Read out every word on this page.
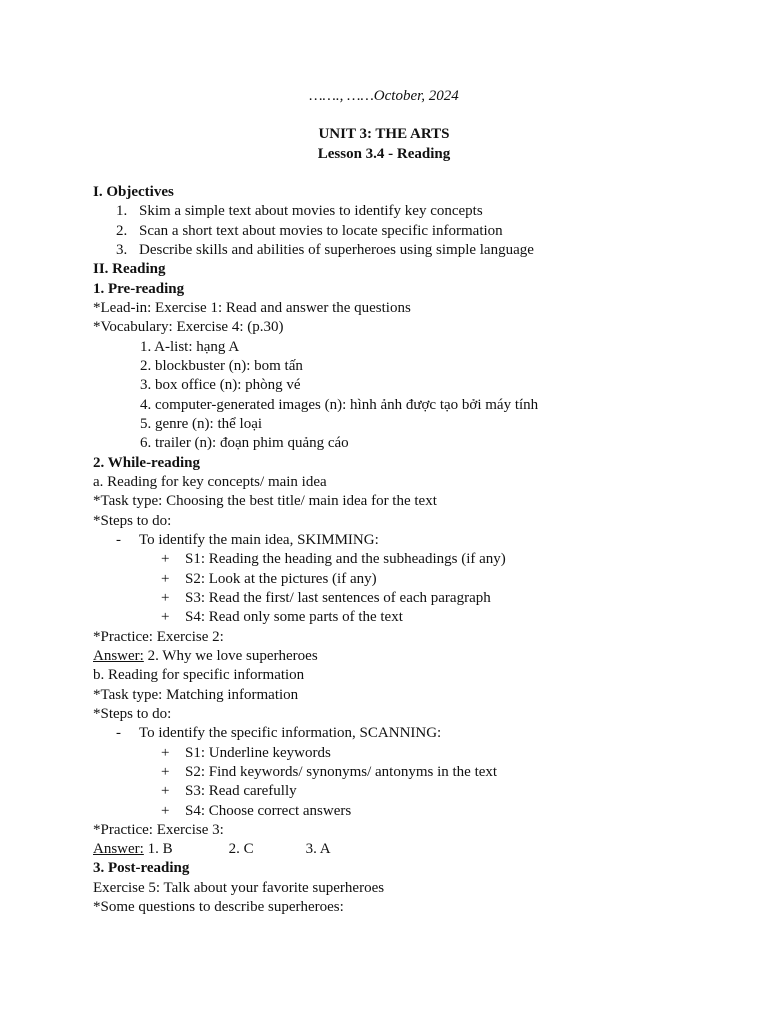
……., ……October, 2024
UNIT 3: THE ARTS
Lesson 3.4 - Reading
I. Objectives
1. Skim a simple text about movies to identify key concepts
2. Scan a short text about movies to locate specific information
3. Describe skills and abilities of superheroes using simple language
II. Reading
1. Pre-reading
*Lead-in: Exercise 1: Read and answer the questions
*Vocabulary: Exercise 4: (p.30)
1. A-list: hạng A
2. blockbuster (n): bom tấn
3. box office (n): phòng vé
4. computer-generated images (n): hình ảnh được tạo bởi máy tính
5. genre (n): thể loại
6. trailer (n): đoạn phim quảng cáo
2. While-reading
a. Reading for key concepts/ main idea
*Task type: Choosing the best title/ main idea for the text
*Steps to do:
- To identify the main idea, SKIMMING:
+ S1: Reading the heading and the subheadings (if any)
+ S2: Look at the pictures (if any)
+ S3: Read the first/ last sentences of each paragraph
+ S4: Read only some parts of the text
*Practice: Exercise 2:
Answer: 2. Why we love superheroes
b. Reading for specific information
*Task type: Matching information
*Steps to do:
- To identify the specific information, SCANNING:
+ S1: Underline keywords
+ S2: Find keywords/ synonyms/ antonyms in the text
+ S3: Read carefully
+ S4: Choose correct answers
*Practice: Exercise 3:
Answer: 1. B	2. C	3. A
3. Post-reading
Exercise 5: Talk about your favorite superheroes
*Some questions to describe superheroes:
